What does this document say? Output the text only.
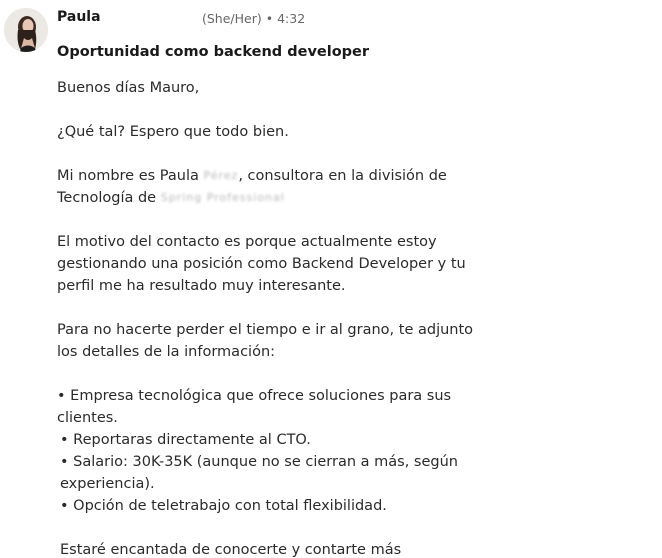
Paula	(She/Her) • 4:32
Oportunidad como backend developer
Buenos días Mauro,
¿Qué tal? Espero que todo bien.
Mi nombre es Paula Pérez, consultora en la división de
Tecnología de Spring Professional
El motivo del contacto es porque actualmente estoy
gestionando una posición como Backend Developer y tu
perfil me ha resultado muy interesante.
Para no hacerte perder el tiempo e ir al grano, te adjunto
los detalles de la información:
• Empresa tecnológica que ofrece soluciones para sus
clientes.
• Reportaras directamente al CTO.
• Salario: 30K-35K (aunque no se cierran a más, según
experiencia).
• Opción de teletrabajo con total flexibilidad.
Estaré encantada de conocerte y contarte más
